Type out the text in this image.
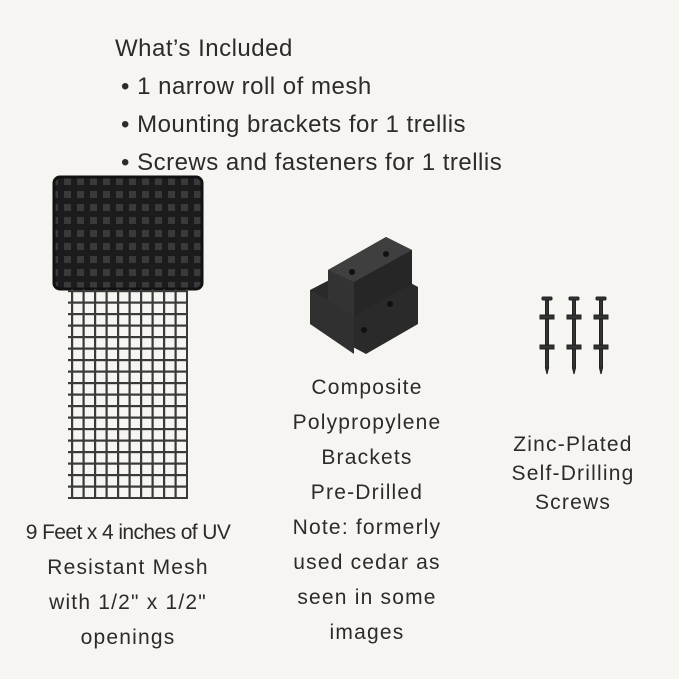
What’s Included
• 1 narrow roll of mesh
• Mounting brackets for 1 trellis
• Screws and fasteners for 1 trellis
9 Feet x 4 inches of UV
Resistant Mesh
with 1/2" x 1/2"
openings
Composite
Polypropylene
Brackets
Pre-Drilled
Note: formerly
used cedar as
seen in some
images
Zinc-Plated
Self-Drilling
Screws
